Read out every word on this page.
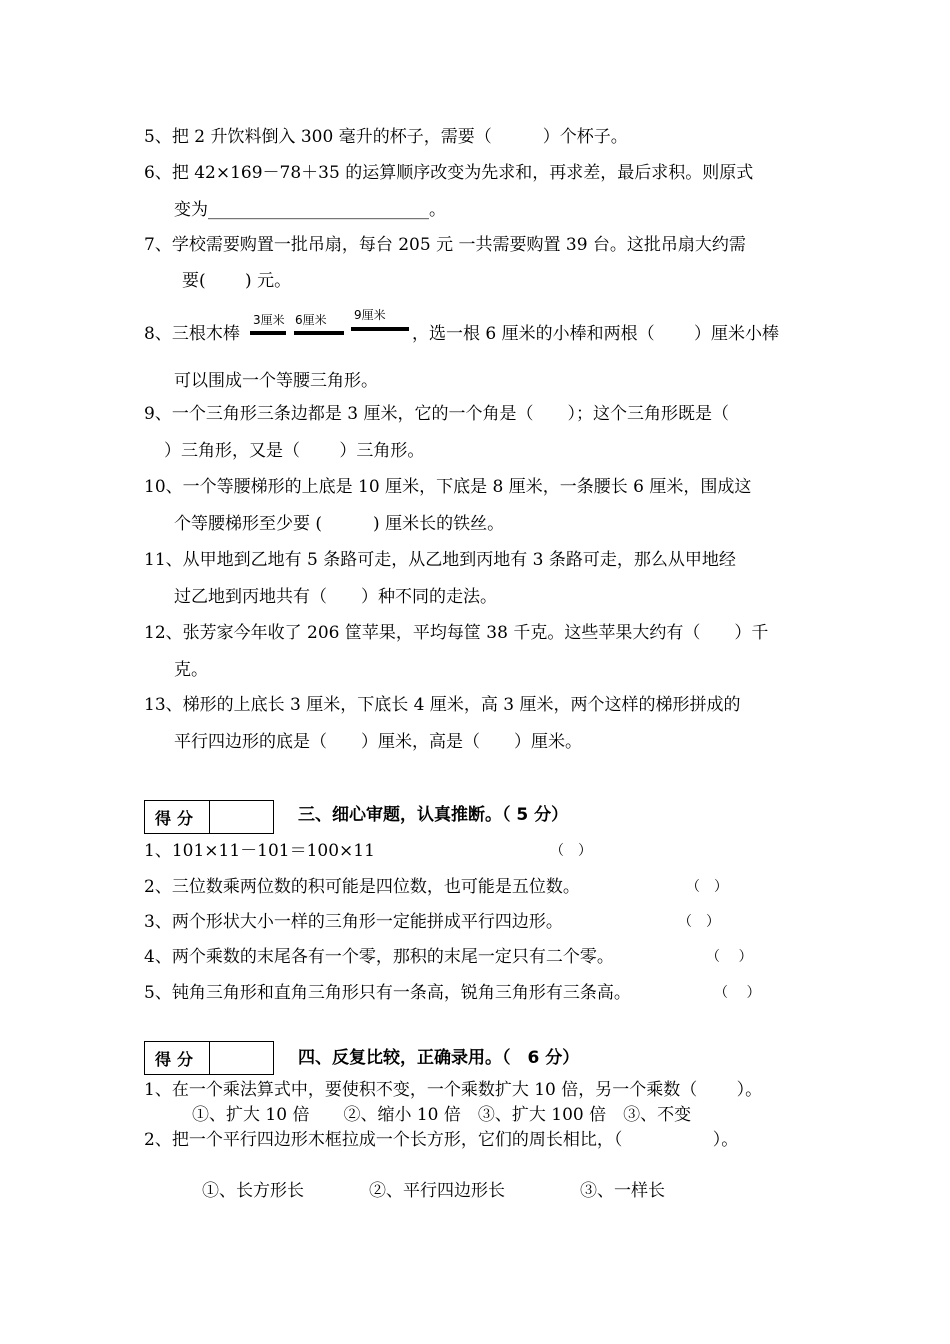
5、把 2 升饮料倒入 300 毫升的杯子，需要（　　　）个杯子。
6、把 42×169－78＋35 的运算顺序改变为先求和，再求差，最后求积。则原式
变为__________________________。
7、学校需要购置一批吊扇，每台 205 元 一共需要购置 39 台。这批吊扇大约需
要(　　 ) 元。
8、三根木棒
3厘米 6厘米 9厘米
，选一根 6 厘米的小棒和两根（　　 ）厘米小棒
可以围成一个等腰三角形。
9、一个三角形三条边都是 3 厘米，它的一个角是（　　）；这个三角形既是（
）三角形，又是（　　 ）三角形。
10、一个等腰梯形的上底是 10 厘米，下底是 8 厘米，一条腰长 6 厘米，围成这
个等腰梯形至少要 (　　　) 厘米长的铁丝。
11、从甲地到乙地有 5 条路可走，从乙地到丙地有 3 条路可走，那么从甲地经
过乙地到丙地共有（　　）种不同的走法。
12、张芳家今年收了 206 筐苹果，平均每筐 38 千克。这些苹果大约有（　　）千
克。
13、梯形的上底长 3 厘米，下底长 4 厘米，高 3 厘米，两个这样的梯形拼成的
平行四边形的底是（　　）厘米，高是（　　）厘米。
得分	三、细心审题，认真推断。（ 5 分）
1、101×11－101＝100×11	（　）
2、三位数乘两位数的积可能是四位数，也可能是五位数。	（　）
3、两个形状大小一样的三角形一定能拼成平行四边形。	（　）
4、两个乘数的末尾各有一个零，那积的末尾一定只有二个零。	（　 ）
5、钝角三角形和直角三角形只有一条高，锐角三角形有三条高。	（　 ）
得分	四、反复比较，正确录用。（　6 分）
1、在一个乘法算式中，要使积不变，一个乘数扩大 10 倍，另一个乘数（　　 ）。
①、扩大 10 倍　　②、缩小 10 倍　③、扩大 100 倍　③、不变
2、把一个平行四边形木框拉成一个长方形，它们的周长相比，（　　　　　 ）。
①、长方形长	②、平行四边形长	③、一样长
